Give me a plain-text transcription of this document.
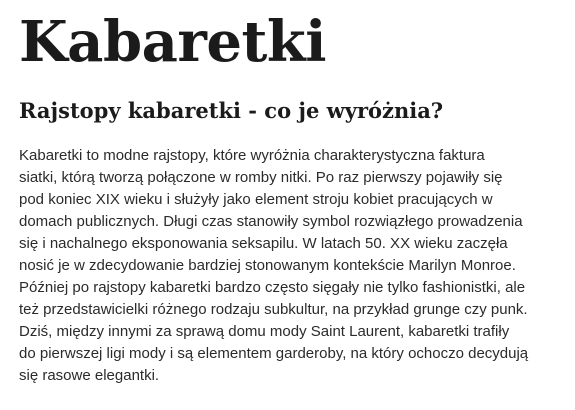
Kabaretki
Rajstopy kabaretki - co je wyróżnia?

Kabaretki to modne rajstopy, które wyróżnia charakterystyczna faktura
siatki, którą tworzą połączone w romby nitki. Po raz pierwszy pojawiły się
pod koniec XIX wieku i służyły jako element stroju kobiet pracujących w
domach publicznych. Długi czas stanowiły symbol rozwiązłego prowadzenia
się i nachalnego eksponowania seksapilu. W latach 50. XX wieku zaczęła
nosić je w zdecydowanie bardziej stonowanym kontekście Marilyn Monroe.
Później po rajstopy kabaretki bardzo często sięgały nie tylko fashionistki, ale
też przedstawicielki różnego rodzaju subkultur, na przykład grunge czy punk.
Dziś, między innymi za sprawą domu mody Saint Laurent, kabaretki trafiły
do pierwszej ligi mody i są elementem garderoby, na który ochoczo decydują
się rasowe elegantki.
